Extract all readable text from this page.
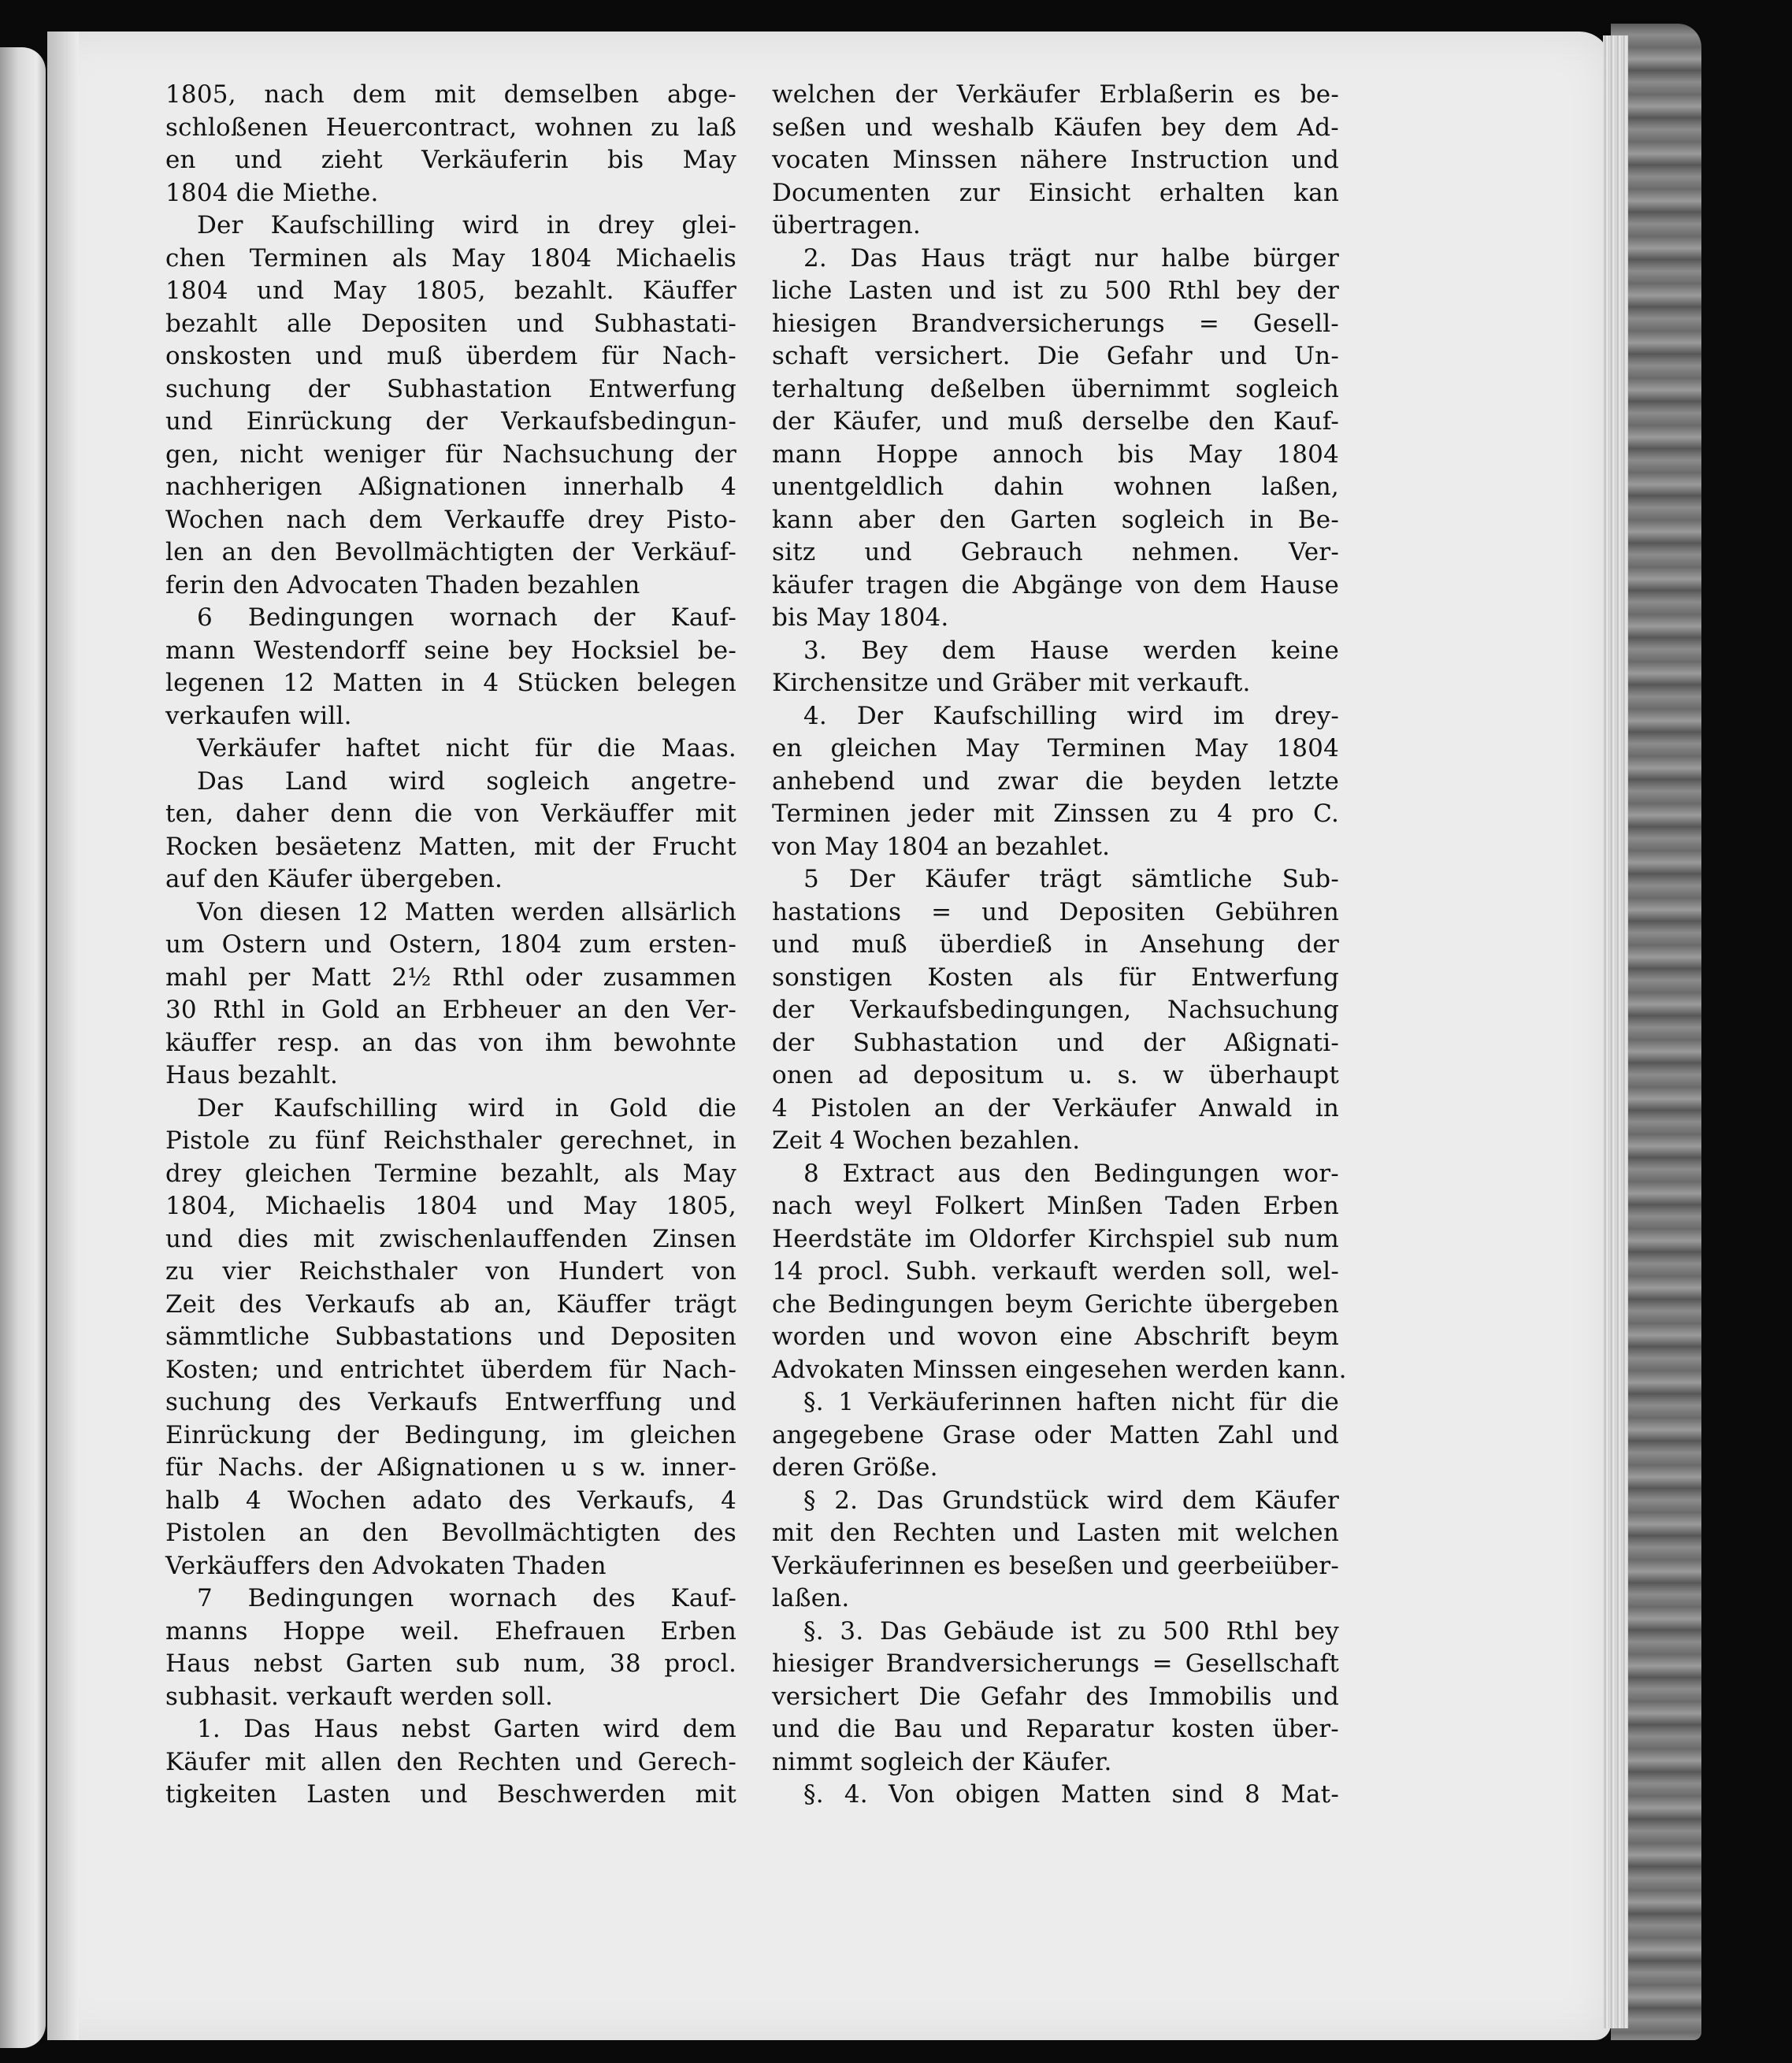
1805, nach dem mit demselben abge-
schloßenen Heuercontract, wohnen zu laß
en und zieht Verkäuferin bis May
1804 die Miethe.
Der Kaufschilling wird in drey glei-
chen Terminen als May 1804 Michaelis
1804 und May 1805, bezahlt. Käuffer
bezahlt alle Depositen und Subhastati-
onskosten und muß überdem für Nach-
suchung der Subhastation Entwerfung
und Einrückung der Verkaufsbedingun-
gen, nicht weniger für Nachsuchung der
nachherigen Aßignationen innerhalb 4
Wochen nach dem Verkauffe drey Pisto-
len an den Bevollmächtigten der Verkäuf-
ferin den Advocaten Thaden bezahlen
6 Bedingungen wornach der Kauf-
mann Westendorff seine bey Hocksiel be-
legenen 12 Matten in 4 Stücken belegen
verkaufen will.
Verkäufer haftet nicht für die Maas.
Das Land wird sogleich angetre-
ten, daher denn die von Verkäuffer mit
Rocken besäetenz Matten, mit der Frucht
auf den Käufer übergeben.
Von diesen 12 Matten werden allsärlich
um Ostern und Ostern, 1804 zum ersten-
mahl per Matt 2½ Rthl oder zusammen
30 Rthl in Gold an Erbheuer an den Ver-
käuffer resp. an das von ihm bewohnte
Haus bezahlt.
Der Kaufschilling wird in Gold die
Pistole zu fünf Reichsthaler gerechnet, in
drey gleichen Termine bezahlt, als May
1804, Michaelis 1804 und May 1805,
und dies mit zwischenlauffenden Zinsen
zu vier Reichsthaler von Hundert von
Zeit des Verkaufs ab an, Käuffer trägt
sämmtliche Subbastations und Depositen
Kosten; und entrichtet überdem für Nach-
suchung des Verkaufs Entwerffung und
Einrückung der Bedingung, im gleichen
für Nachs. der Aßignationen u s w. inner-
halb 4 Wochen adato des Verkaufs, 4
Pistolen an den Bevollmächtigten des
Verkäuffers den Advokaten Thaden
7 Bedingungen wornach des Kauf-
manns Hoppe weil. Ehefrauen Erben
Haus nebst Garten sub num, 38 procl.
subhasit. verkauft werden soll.
1. Das Haus nebst Garten wird dem
Käufer mit allen den Rechten und Gerech-
tigkeiten Lasten und Beschwerden mit
welchen der Verkäufer Erblaßerin es be-
seßen und weshalb Käufen bey dem Ad-
vocaten Minssen nähere Instruction und
Documenten zur Einsicht erhalten kan
übertragen.
2. Das Haus trägt nur halbe bürger
liche Lasten und ist zu 500 Rthl bey der
hiesigen Brandversicherungs = Gesell-
schaft versichert. Die Gefahr und Un-
terhaltung deßelben übernimmt sogleich
der Käufer, und muß derselbe den Kauf-
mann Hoppe annoch bis May 1804
unentgeldlich dahin wohnen laßen,
kann aber den Garten sogleich in Be-
sitz und Gebrauch nehmen. Ver-
käufer tragen die Abgänge von dem Hause
bis May 1804.
3. Bey dem Hause werden keine
Kirchensitze und Gräber mit verkauft.
4. Der Kaufschilling wird im drey-
en gleichen May Terminen May 1804
anhebend und zwar die beyden letzte
Terminen jeder mit Zinssen zu 4 pro C.
von May 1804 an bezahlet.
5 Der Käufer trägt sämtliche Sub-
hastations = und Depositen Gebühren
und muß überdieß in Ansehung der
sonstigen Kosten als für Entwerfung
der Verkaufsbedingungen, Nachsuchung
der Subhastation und der Aßignati-
onen ad depositum u. s. w überhaupt
4 Pistolen an der Verkäufer Anwald in
Zeit 4 Wochen bezahlen.
8 Extract aus den Bedingungen wor-
nach weyl Folkert Minßen Taden Erben
Heerdstäte im Oldorfer Kirchspiel sub num
14 procl. Subh. verkauft werden soll, wel-
che Bedingungen beym Gerichte übergeben
worden und wovon eine Abschrift beym
Advokaten Minssen eingesehen werden kann.
§. 1 Verkäuferinnen haften nicht für die
angegebene Grase oder Matten Zahl und
deren Größe.
§ 2. Das Grundstück wird dem Käufer
mit den Rechten und Lasten mit welchen
Verkäuferinnen es beseßen und geerbeiüber-
laßen.
§. 3. Das Gebäude ist zu 500 Rthl bey
hiesiger Brandversicherungs = Gesellschaft
versichert Die Gefahr des Immobilis und
und die Bau und Reparatur kosten über-
nimmt sogleich der Käufer.
§. 4. Von obigen Matten sind 8 Mat-
